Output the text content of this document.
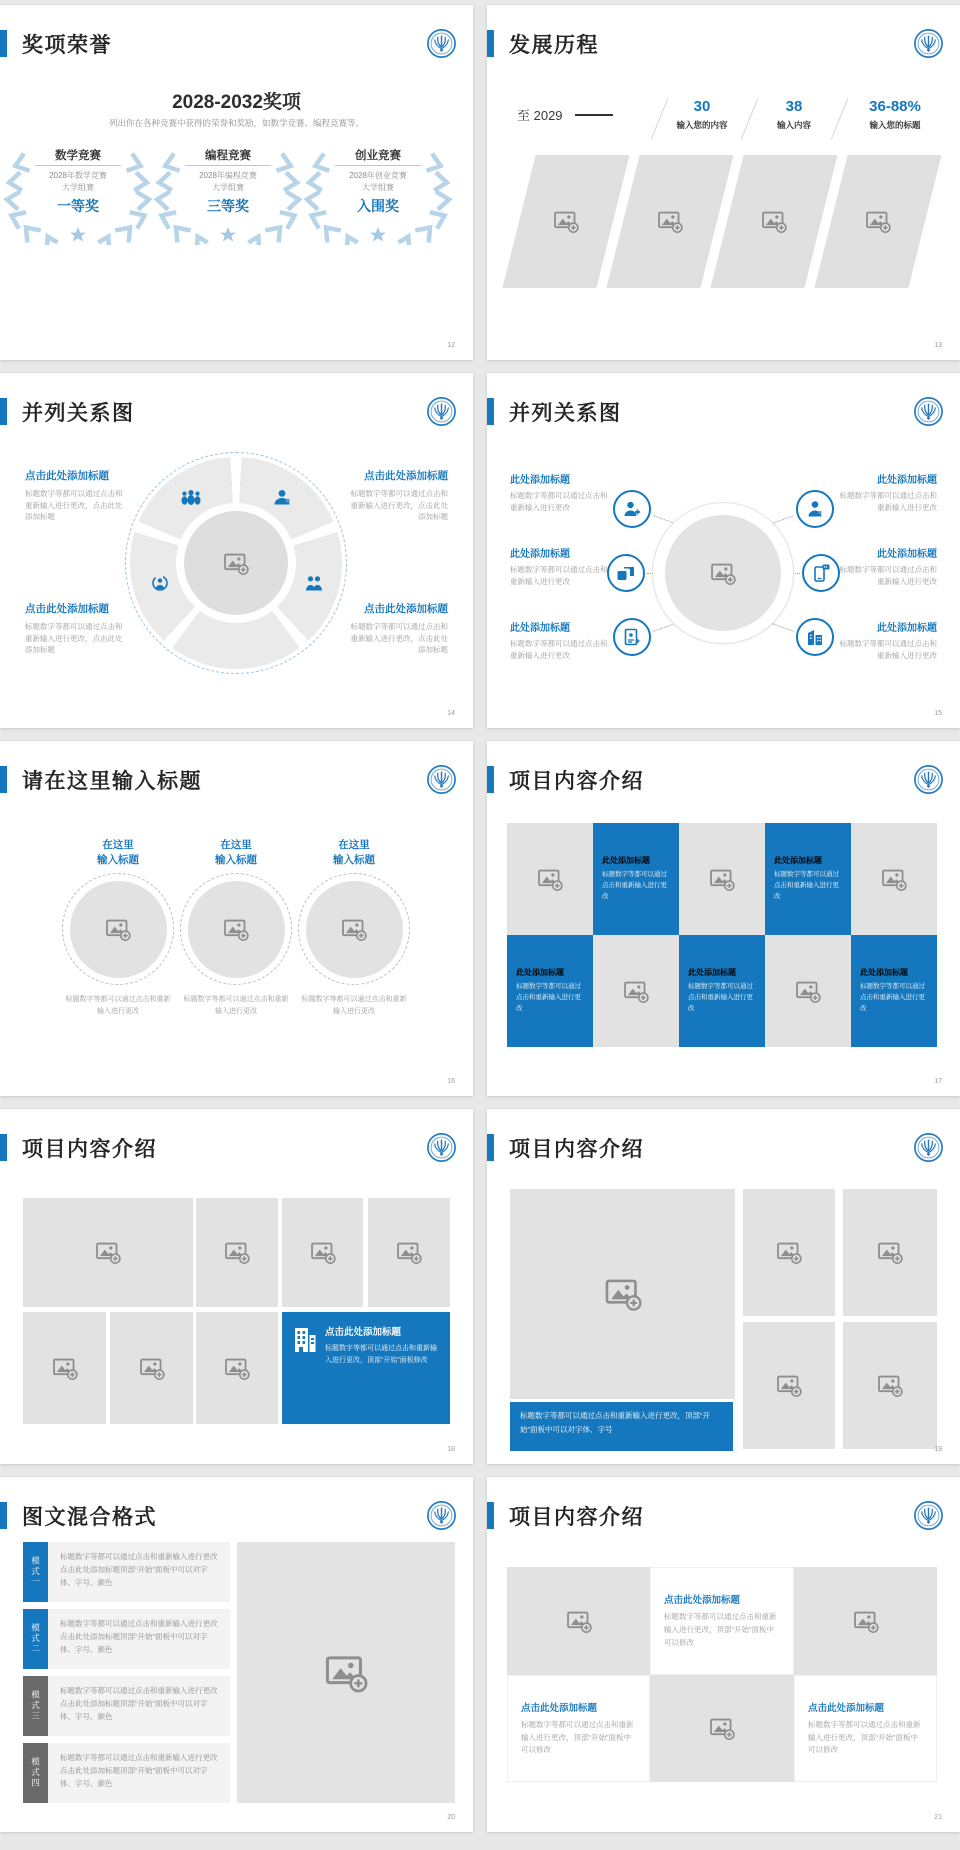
奖项荣誉
2028-2032奖项
列出你在各种竞赛中获得的荣誉和奖励，如数学竞赛、编程竞赛等。
数学竞赛
2028年数学竞赛
大学组赛
一等奖
编程竞赛
2028年编程竞赛
大学组赛
三等奖
创业竞赛
2028年创业竞赛
大学组赛
入围奖
12
发展历程
至 2029
30
输入您的内容
38
输入内容
36-88%
输入您的标题
13
并列关系图
点击此处添加标题
标题数字等都可以通过点击和重新输入进行更改，点击此处添加标题
点击此处添加标题
标题数字等都可以通过点击和重新输入进行更改，点击此处添加标题
点击此处添加标题
标题数字等都可以通过点击和重新输入进行更改，点击此处添加标题
点击此处添加标题
标题数字等都可以通过点击和重新输入进行更改，点击此处添加标题
14
并列关系图
此处添加标题
标题数字等都可以通过点击和重新输入进行更改
此处添加标题
标题数字等都可以通过点击和重新输入进行更改
此处添加标题
标题数字等都可以通过点击和重新输入进行更改
此处添加标题
标题数字等都可以通过点击和重新输入进行更改
此处添加标题
标题数字等都可以通过点击和重新输入进行更改
此处添加标题
标题数字等都可以通过点击和重新输入进行更改
15
请在这里输入标题
在这里
输入标题
标题数字等都可以通过点击和重新输入进行更改
在这里
输入标题
标题数字等都可以通过点击和重新输入进行更改
在这里
输入标题
标题数字等都可以通过点击和重新输入进行更改
16
项目内容介绍
此处添加标题
标题数字等都可以通过点击和重新输入进行更改
此处添加标题
标题数字等都可以通过点击和重新输入进行更改
此处添加标题
标题数字等都可以通过点击和重新输入进行更改
此处添加标题
标题数字等都可以通过点击和重新输入进行更改
此处添加标题
标题数字等都可以通过点击和重新输入进行更改
17
项目内容介绍
点击此处添加标题
标题数字等都可以通过点击和重新输入进行更改，顶部“开始”面板修改
18
项目内容介绍
标题数字等都可以通过点击和重新输入进行更改，顶部“开始”面板中可以对字体、字号
19
图文混合格式
模式一	标题数字等都可以通过点击和重新输入进行更改 点击此处添加标题顶部“开始”面板中可以对字体、字号、颜色
模式二	标题数字等都可以通过点击和重新输入进行更改 点击此处添加标题顶部“开始”面板中可以对字体、字号、颜色
模式三	标题数字等都可以通过点击和重新输入进行更改 点击此处添加标题顶部“开始”面板中可以对字体、字号、颜色
模式四	标题数字等都可以通过点击和重新输入进行更改 点击此处添加标题顶部“开始”面板中可以对字体、字号、颜色
20
项目内容介绍
点击此处添加标题
标题数字等都可以通过点击和重新输入进行更改，顶部“开始”面板中可以修改
点击此处添加标题
标题数字等都可以通过点击和重新输入进行更改，顶部“开始”面板中可以修改
点击此处添加标题
标题数字等都可以通过点击和重新输入进行更改，顶部“开始”面板中可以修改
21
